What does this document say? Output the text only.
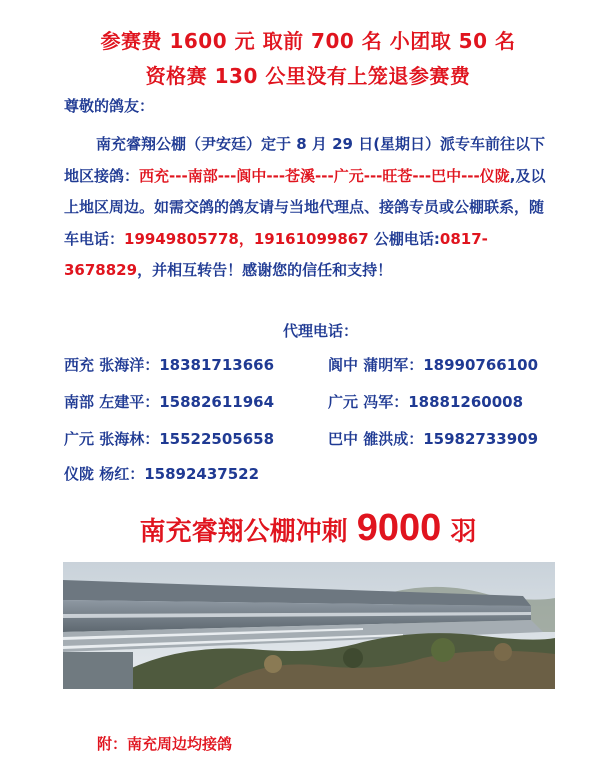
参赛费 1600 元 取前 700 名 小团取 50 名
资格赛 130 公里没有上笼退参赛费
尊敬的鸽友：
南充睿翔公棚（尹安廷）定于 8 月 29 日(星期日）派专车前往以下地区接鸽：西充---南部---阆中---苍溪---广元---旺苍---巴中---仪陇,及以上地区周边。如需交鸽的鸽友请与当地代理点、接鸽专员或公棚联系，随车电话：19949805778，19161099867 公棚电话:0817-3678829，并相互转告！感谢您的信任和支持！
代理电话：
西充 张海洋：18381713666	阆中 蒲明军：18990766100
南部 左建平：15882611964	广元 冯军：18881260008
广元 张海林：15522505658	巴中 雒洪成：15982733909
仪陇 杨红：15892437522
南充睿翔公棚冲刺 9000 羽
附：南充周边均接鸽
